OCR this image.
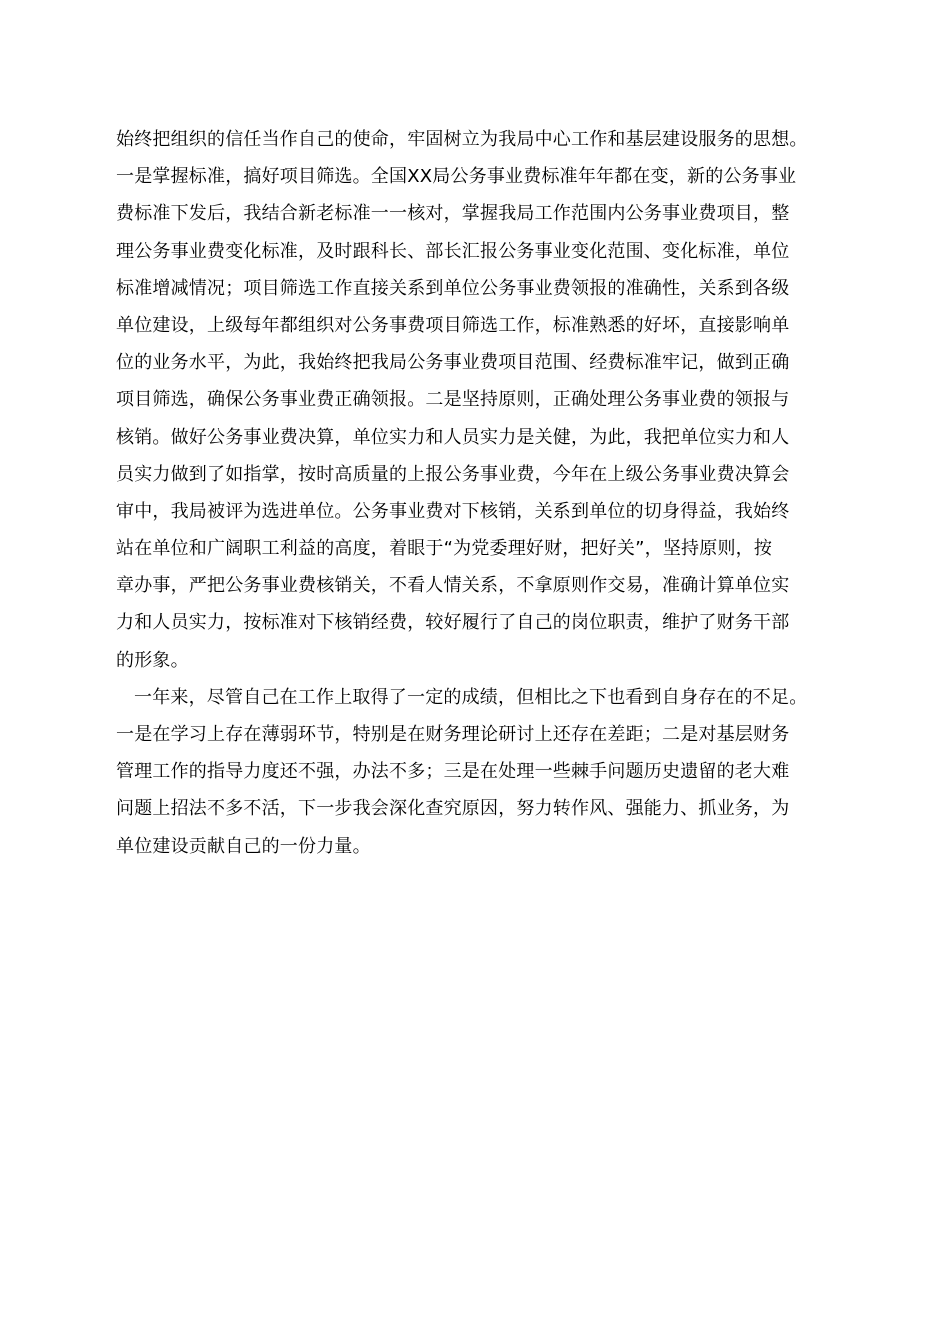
始终把组织的信任当作自己的使命，牢固树立为我局中心工作和基层建设服务的思想。
一是掌握标准，搞好项目筛选。全国XX局公务事业费标准年年都在变，新的公务事业
费标准下发后，我结合新老标准一一核对，掌握我局工作范围内公务事业费项目，整
理公务事业费变化标准，及时跟科长、部长汇报公务事业变化范围、变化标准，单位
标准增减情况；项目筛选工作直接关系到单位公务事业费领报的准确性，关系到各级
单位建设，上级每年都组织对公务事费项目筛选工作，标准熟悉的好坏，直接影响单
位的业务水平，为此，我始终把我局公务事业费项目范围、经费标准牢记，做到正确
项目筛选，确保公务事业费正确领报。二是坚持原则，正确处理公务事业费的领报与
核销。做好公务事业费决算，单位实力和人员实力是关健，为此，我把单位实力和人
员实力做到了如指掌，按时高质量的上报公务事业费，今年在上级公务事业费决算会
审中，我局被评为选进单位。公务事业费对下核销，关系到单位的切身得益，我始终
站在单位和广阔职工利益的高度，着眼于“为党委理好财，把好关”，坚持原则，按
章办事，严把公务事业费核销关，不看人情关系，不拿原则作交易，准确计算单位实
力和人员实力，按标准对下核销经费，较好履行了自己的岗位职责，维护了财务干部
的形象。
一年来，尽管自己在工作上取得了一定的成绩，但相比之下也看到自身存在的不足。
一是在学习上存在薄弱环节，特别是在财务理论研讨上还存在差距；二是对基层财务
管理工作的指导力度还不强，办法不多；三是在处理一些棘手问题历史遗留的老大难
问题上招法不多不活，下一步我会深化查究原因，努力转作风、强能力、抓业务，为
单位建设贡献自己的一份力量。
